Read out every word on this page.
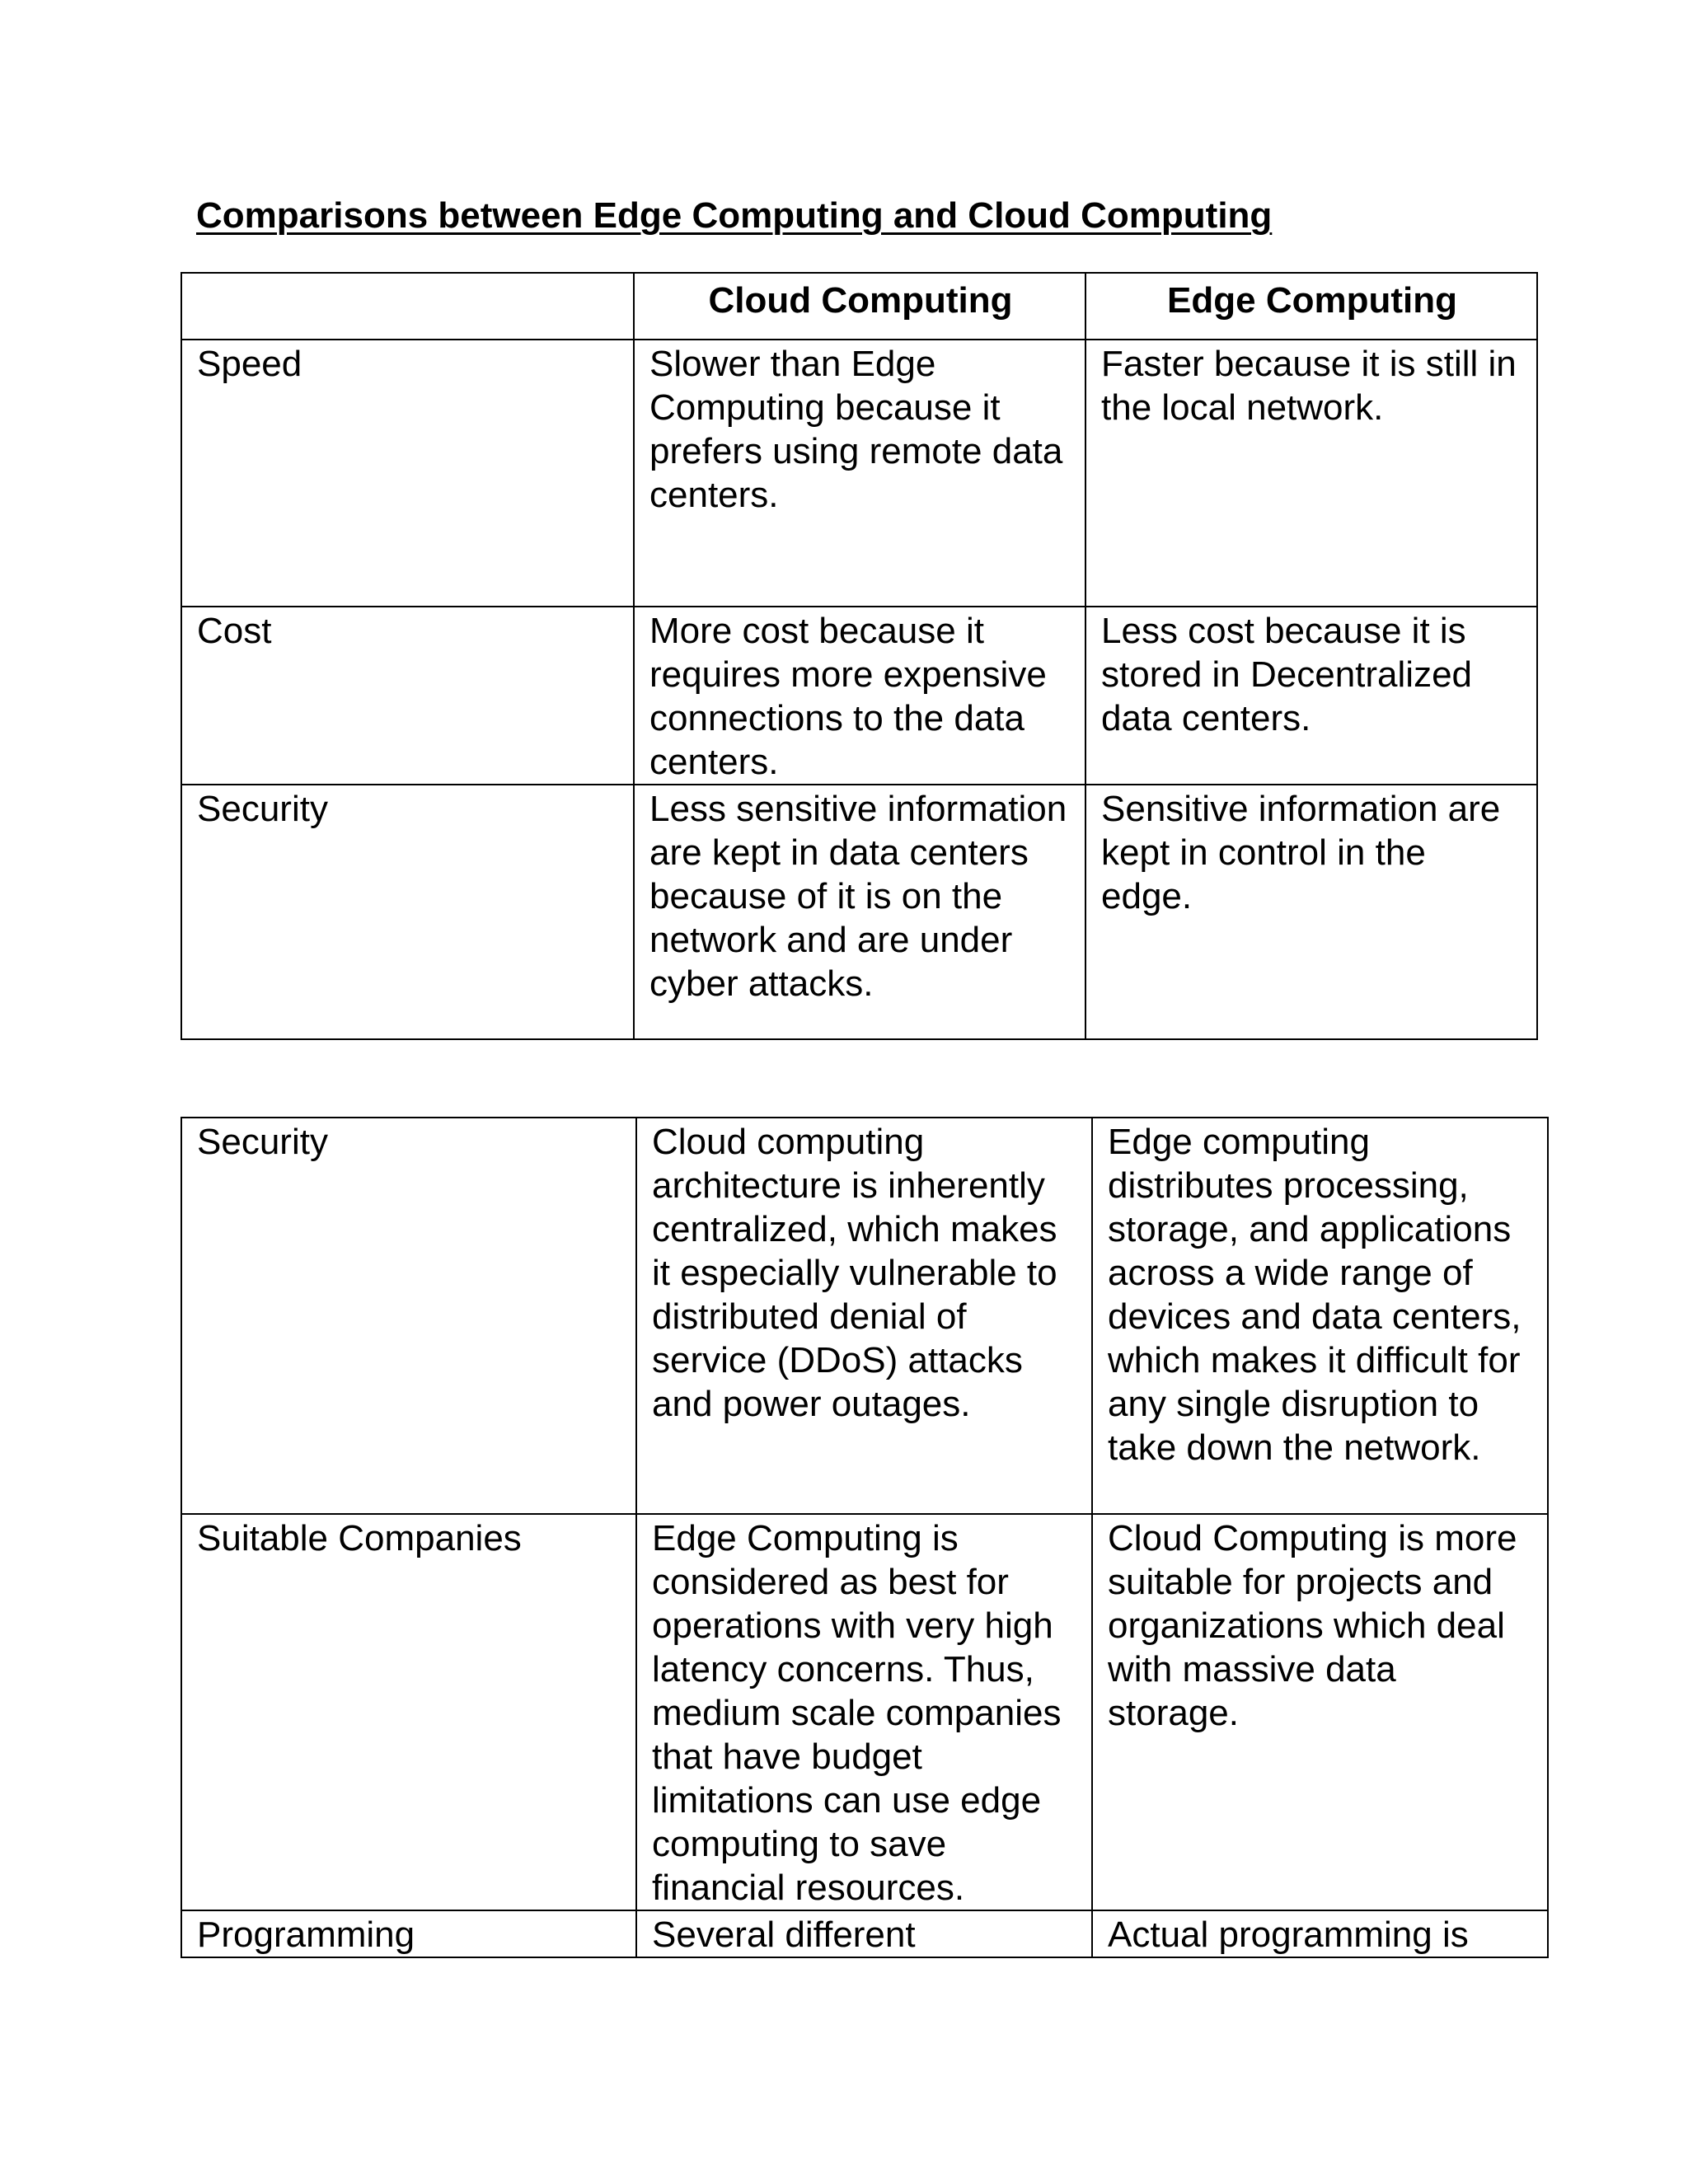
Comparisons between Edge Computing and Cloud Computing
	Cloud Computing	Edge Computing
Speed	Slower than Edge Computing because it prefers using remote data centers.	Faster because it is still in the local network.
Cost	More cost because it requires more expensive connections to the data centers.	Less cost because it is stored in Decentralized data centers.
Security	Less sensitive information are kept in data centers because of it is on the network and are under cyber attacks.	Sensitive information are kept in control in the edge.
Security	Cloud computing architecture is inherently centralized, which makes it especially vulnerable to distributed denial of service (DDoS) attacks and power outages.	Edge computing distributes processing, storage, and applications across a wide range of devices and data centers, which makes it difficult for any single disruption to take down the network.
Suitable Companies	Edge Computing is considered as best for operations with very high latency concerns. Thus, medium scale companies that have budget limitations can use edge computing to save financial resources.	Cloud Computing is more suitable for projects and organizations which deal with massive data storage.
Programming	Several different	Actual programming is
